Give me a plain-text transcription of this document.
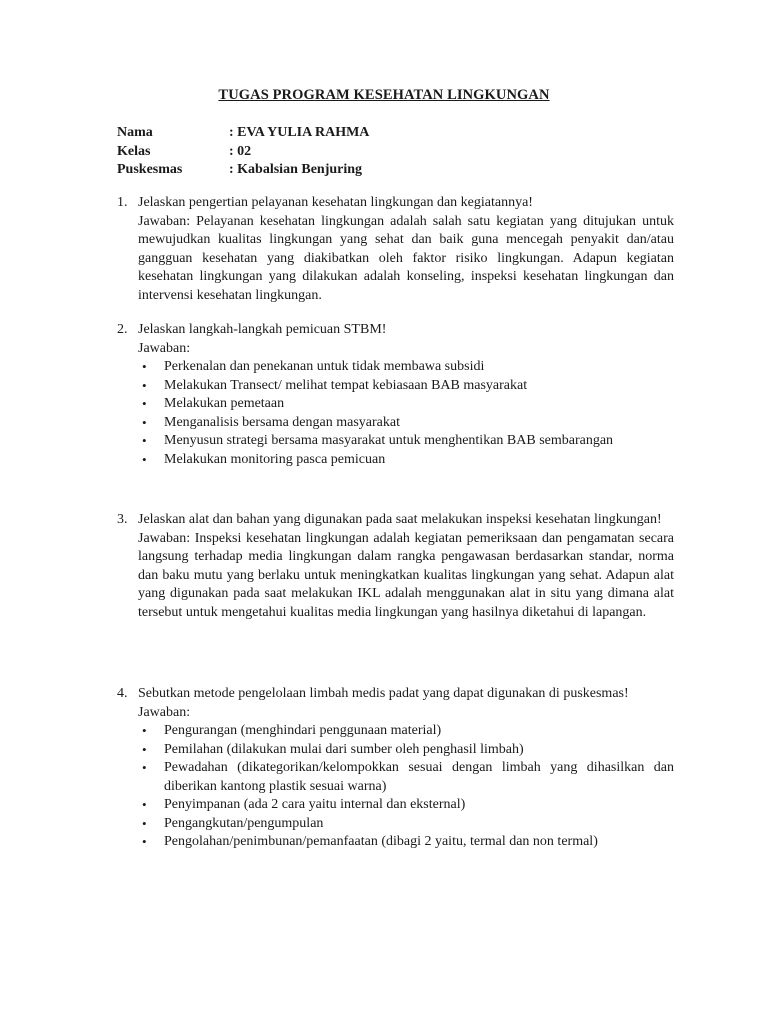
TUGAS PROGRAM KESEHATAN LINGKUNGAN
Nama	: EVA YULIA RAHMA
Kelas	: 02
Puskesmas	: Kabalsian Benjuring
1. Jelaskan pengertian pelayanan kesehatan lingkungan dan kegiatannya!
Jawaban: Pelayanan kesehatan lingkungan adalah salah satu kegiatan yang ditujukan untuk mewujudkan kualitas lingkungan yang sehat dan baik guna mencegah penyakit dan/atau gangguan kesehatan yang diakibatkan oleh faktor risiko lingkungan. Adapun kegiatan kesehatan lingkungan yang dilakukan adalah konseling, inspeksi kesehatan lingkungan dan intervensi kesehatan lingkungan.
2. Jelaskan langkah-langkah pemicuan STBM!
Jawaban:
•	Perkenalan dan penekanan untuk tidak membawa subsidi
•	Melakukan Transect/ melihat tempat kebiasaan BAB masyarakat
•	Melakukan pemetaan
•	Menganalisis bersama dengan masyarakat
•	Menyusun strategi bersama masyarakat untuk menghentikan BAB sembarangan
•	Melakukan monitoring pasca pemicuan
3. Jelaskan alat dan bahan yang digunakan pada saat melakukan inspeksi kesehatan lingkungan!
Jawaban: Inspeksi kesehatan lingkungan adalah kegiatan pemeriksaan dan pengamatan secara langsung terhadap media lingkungan dalam rangka pengawasan berdasarkan standar, norma dan baku mutu yang berlaku untuk meningkatkan kualitas lingkungan yang sehat. Adapun alat yang digunakan pada saat melakukan IKL adalah menggunakan alat in situ yang dimana alat tersebut untuk mengetahui kualitas media lingkungan yang hasilnya diketahui di lapangan.
4. Sebutkan metode pengelolaan limbah medis padat yang dapat digunakan di puskesmas!
Jawaban:
•	Pengurangan (menghindari penggunaan material)
•	Pemilahan (dilakukan mulai dari sumber oleh penghasil limbah)
•	Pewadahan (dikategorikan/kelompokkan sesuai dengan limbah yang dihasilkan dan diberikan kantong plastik sesuai warna)
•	Penyimpanan (ada 2 cara yaitu internal dan eksternal)
•	Pengangkutan/pengumpulan
•	Pengolahan/penimbunan/pemanfaatan (dibagi 2 yaitu, termal dan non termal)
